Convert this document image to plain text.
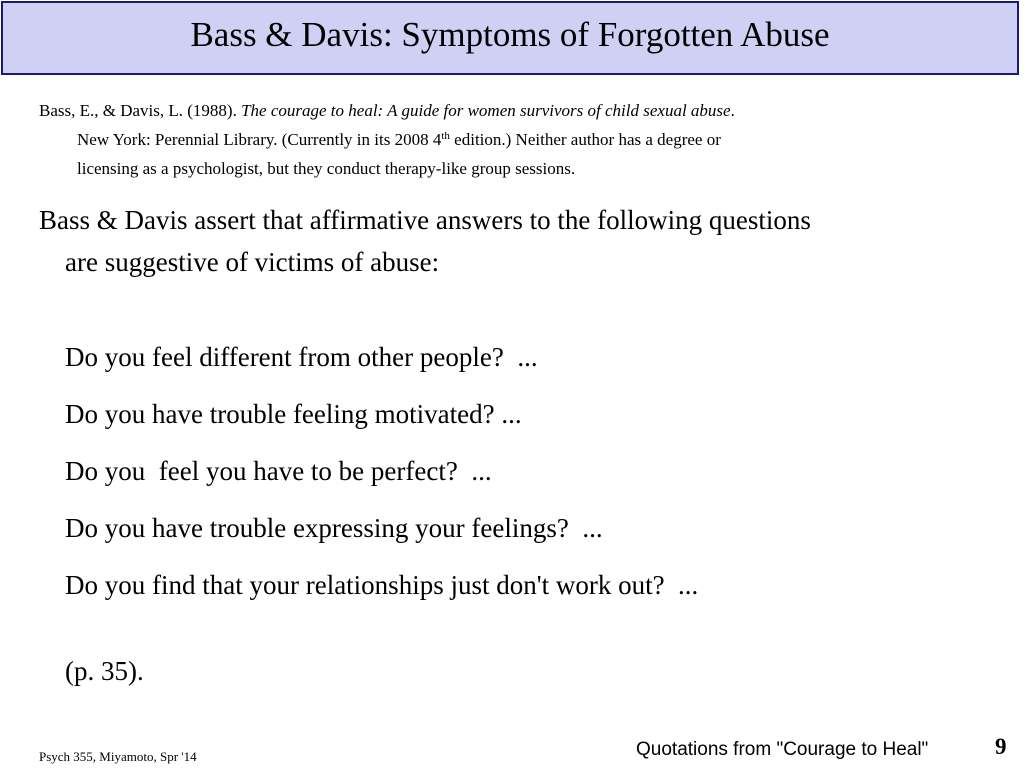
Bass & Davis: Symptoms of Forgotten Abuse
Bass, E., & Davis, L. (1988). The courage to heal: A guide for women survivors of child sexual abuse.
New York: Perennial Library. (Currently in its 2008 4th edition.) Neither author has a degree or
licensing as a psychologist, but they conduct therapy-like group sessions.
Bass & Davis assert that affirmative answers to the following questions
are suggestive of victims of abuse:
Do you feel different from other people?  ...
Do you have trouble feeling motivated? ...
Do you  feel you have to be perfect?  ...
Do you have trouble expressing your feelings?  ...
Do you find that your relationships just don't work out?  ...
(p. 35).
Psych 355, Miyamoto, Spr '14	Quotations from "Courage to Heal"	9
